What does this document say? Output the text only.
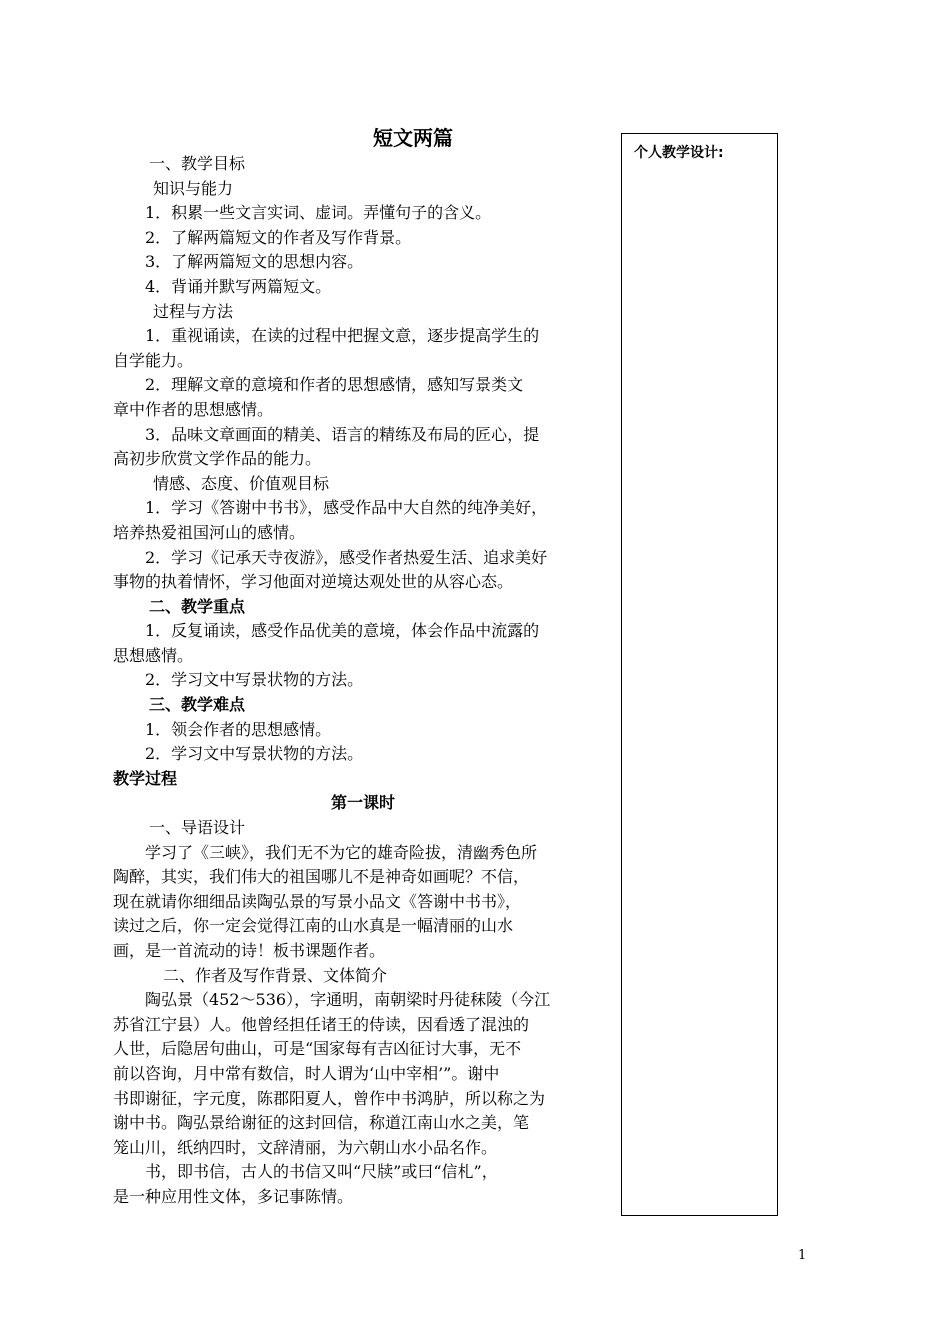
短文两篇
一、教学目标
知识与能力
1．积累一些文言实词、虚词。弄懂句子的含义。
2．了解两篇短文的作者及写作背景。
3．了解两篇短文的思想内容。
4．背诵并默写两篇短文。
过程与方法
1．重视诵读，在读的过程中把握文意，逐步提高学生的
自学能力。
2．理解文章的意境和作者的思想感情，感知写景类文
章中作者的思想感情。
3．品味文章画面的精美、语言的精练及布局的匠心，提
高初步欣赏文学作品的能力。
情感、态度、价值观目标
1．学习《答谢中书书》，感受作品中大自然的纯净美好，
培养热爱祖国河山的感情。
2．学习《记承天寺夜游》，感受作者热爱生活、追求美好
事物的执着情怀，学习他面对逆境达观处世的从容心态。
二、教学重点
1．反复诵读，感受作品优美的意境，体会作品中流露的
思想感情。
2．学习文中写景状物的方法。
三、教学难点
1．领会作者的思想感情。
2．学习文中写景状物的方法。
教学过程
第一课时
一、导语设计
学习了《三峡》，我们无不为它的雄奇险拔，清幽秀色所
陶醉，其实，我们伟大的祖国哪儿不是神奇如画呢？不信，
现在就请你细细品读陶弘景的写景小品文《答谢中书书》，
读过之后，你一定会觉得江南的山水真是一幅清丽的山水
画，是一首流动的诗！板书课题作者。
二、作者及写作背景、文体简介
陶弘景（452～536），字通明，南朝梁时丹徒秣陵（今江
苏省江宁县）人。他曾经担任诸王的侍读，因看透了混浊的
人世，后隐居句曲山，可是“国家每有吉凶征讨大事，无不
前以咨询，月中常有数信，时人谓为‘山中宰相’”。谢中
书即谢征，字元度，陈郡阳夏人，曾作中书鸿胪，所以称之为
谢中书。陶弘景给谢征的这封回信，称道江南山水之美，笔
笼山川，纸纳四时，文辞清丽，为六朝山水小品名作。
书，即书信，古人的书信又叫“尺牍”或曰“信札”，
是一种应用性文体，多记事陈情。
个人教学设计:
1
